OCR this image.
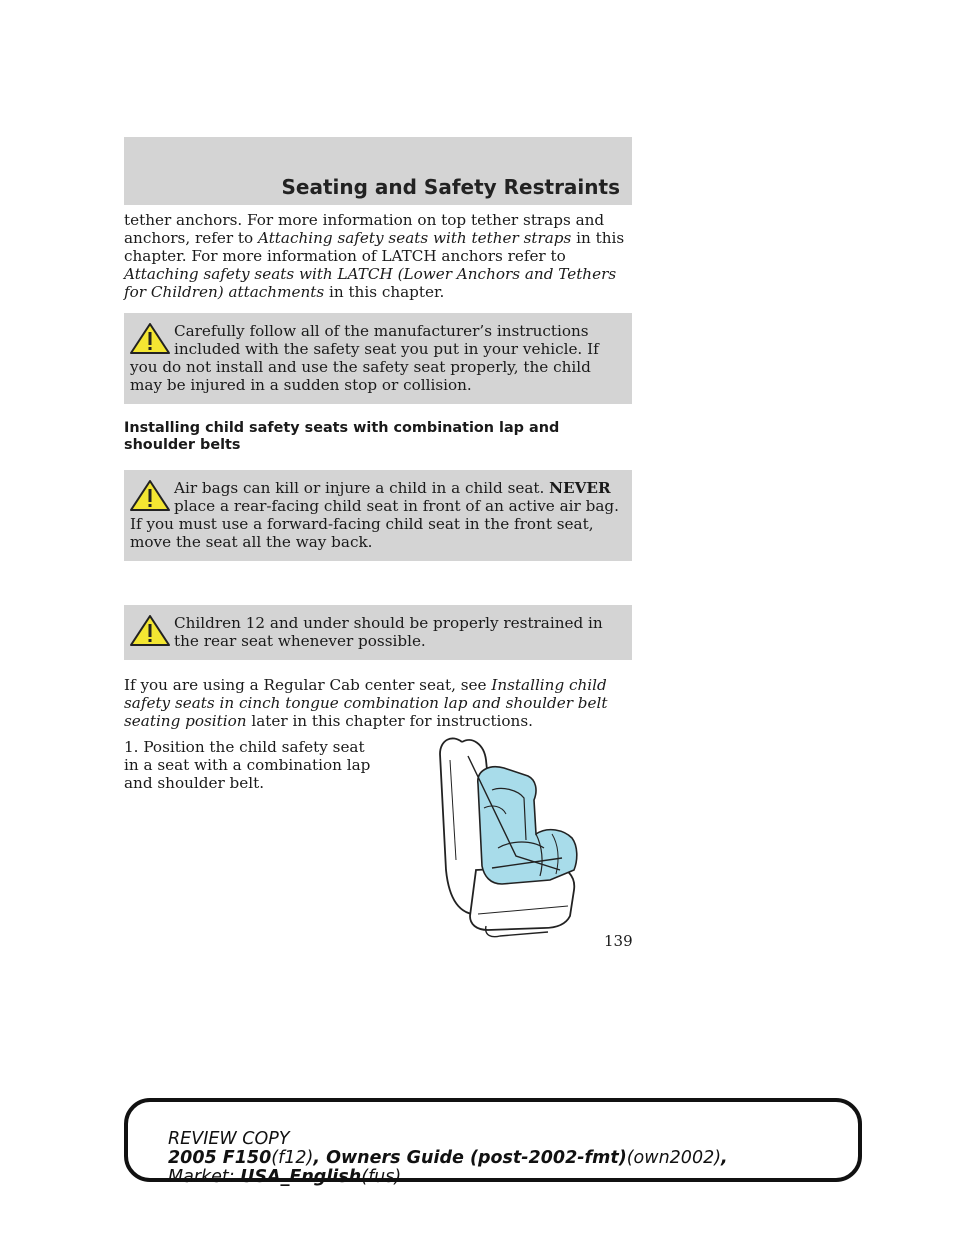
Seating and Safety Restraints

tether anchors. For more information on top tether straps and anchors, refer to Attaching safety seats with tether straps in this chapter. For more information of LATCH anchors refer to Attaching safety seats with LATCH (Lower Anchors and Tethers for Children) attachments in this chapter.

Carefully follow all of the manufacturer’s instructions included with the safety seat you put in your vehicle. If you do not install and use the safety seat properly, the child may be injured in a sudden stop or collision.

Installing child safety seats with combination lap and shoulder belts

Air bags can kill or injure a child in a child seat. NEVER place a rear-facing child seat in front of an active air bag. If you must use a forward-facing child seat in the front seat, move the seat all the way back.

Children 12 and under should be properly restrained in the rear seat whenever possible.

If you are using a Regular Cab center seat, see Installing child safety seats in cinch tongue combination lap and shoulder belt seating position later in this chapter for instructions.

1. Position the child safety seat in a seat with a combination lap and shoulder belt.

139
REVIEW COPY
2005 F150(f12), Owners Guide (post-2002-fmt)(own2002),
Market: USA_English(fus)
